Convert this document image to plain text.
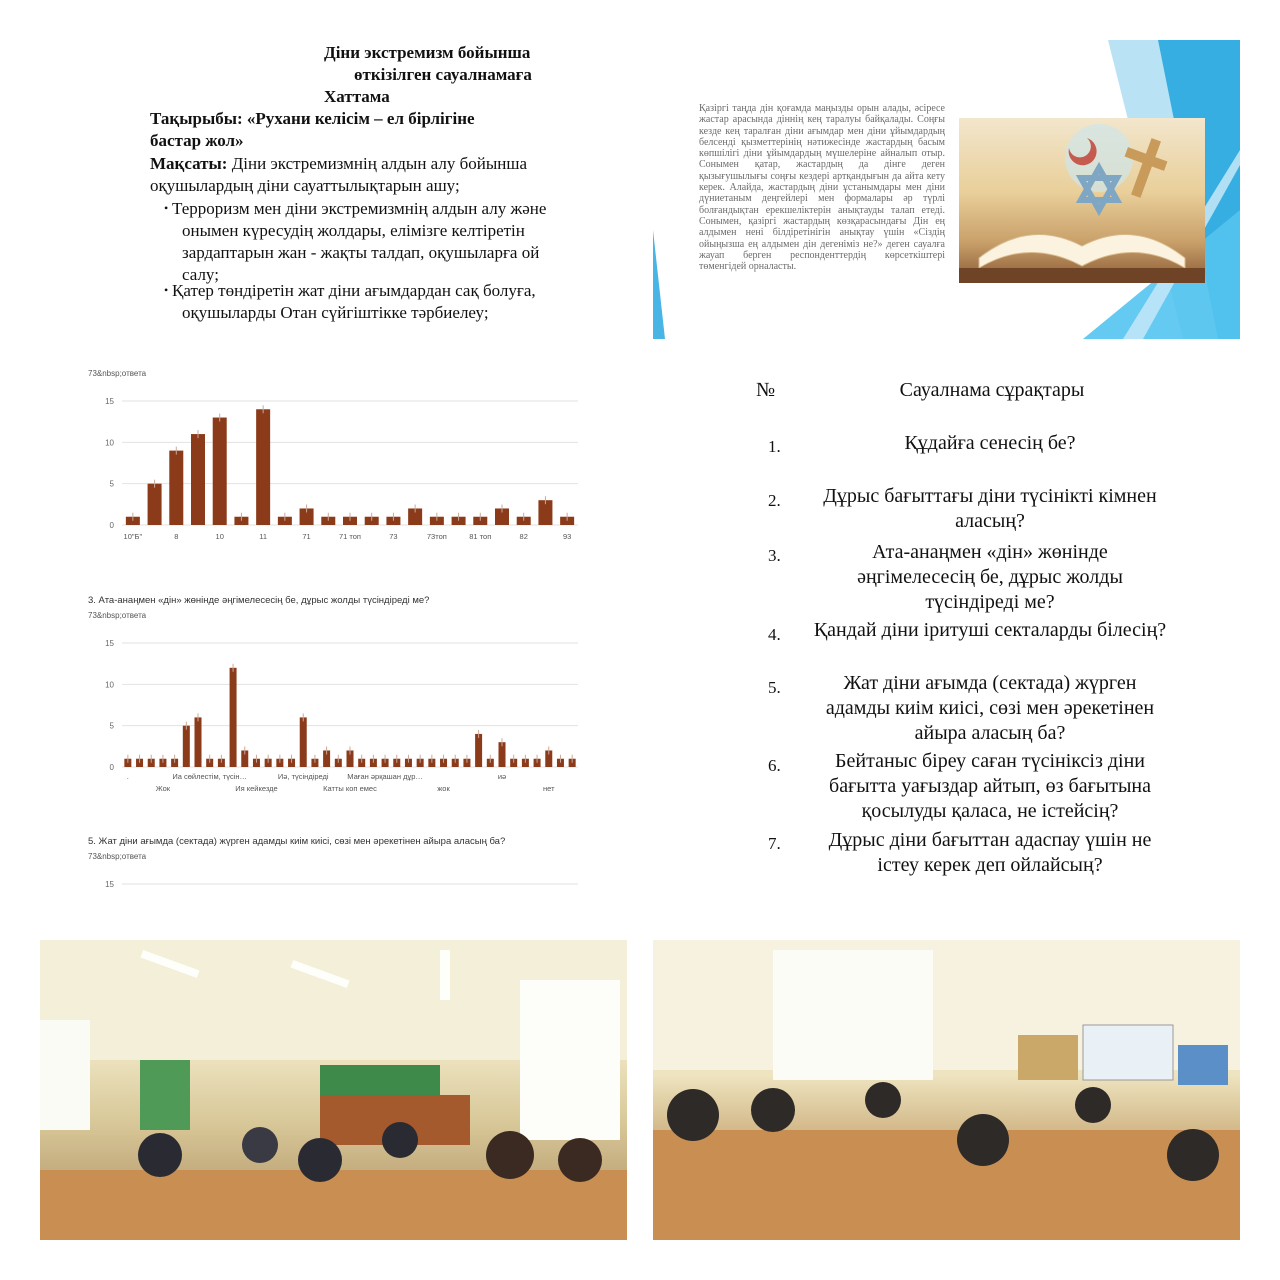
Діни экстремизм бойынша
өткізілген сауалнамаға
Хаттама
Тақырыбы: «Рухани келісім – ел бірлігіне
бастар жол»
Мақсаты: Діни экстремизмнің алдын алу бойынша
оқушылардың діни сауаттылықтарын ашу;
• Терроризм мен діни экстремизмнің алдын алу және
онымен күресудің жолдары, елімізге келтіретін
зардаптарын жан - жақты талдап, оқушыларға ой
салу;
• Қатер төндіретін жат діни ағымдардан сақ болуға,
оқушыларды Отан сүйгіштікке тәрбиелеу;
Қазіргі таңда дін қоғамда маңызды орын алады, әсіресе жастар арасында діннің кең таралуы байқалады. Соңғы кезде кең таралған діни ағымдар мен діни ұйымдардың белсенді қызметтерінің нәтижесінде жастардың басым көпшілігі діни ұйымдардың мүшелеріне айналып отыр. Сонымен қатар, жастардың да дінге деген қызығушылығы соңғы кездері артқандығын да айта кету керек. Алайда, жастардың діни ұстанымдары мен діни дүниетаным деңгейлері мен формалары әр түрлі болғандықтан ерекшеліктерін анықтауды талап етеді. Сонымен, қазіргі жастардың көзқарасындағы Дін ең алдымен нені білдіретінігін анықтау үшін «Сіздің ойыңызша ең алдымен дін дегеніміз не?» деген сауалға жауап берген респонденттердің көрсеткіштері төменгідей орналасты.
73&nbsp;ответа
0
5
10
15
10"Б"	8	10	11	71	71 топ	73	73топ	81 топ	82	93
3. Ата-анаңмен «дін» жөнінде әңгімелесесің бе, дұрыс жолды түсіндіреді ме?
73&nbsp;ответа
0
5
10
15
.	Иа сөйлестім, түсін…	Иә, түсіндіреді Маған әрқашан дұр…	иә
Жок	Ия кейкезде	Катты коп емес	жок	нет
5. Жат діни ағымда (сектада) жүрген адамды киім киісі, сөзі мен әрекетінен айыра аласың ба?
73&nbsp;ответа
15
№	Сауалнама сұрақтары
1.	Құдайға сенесің бе?
2.	Дұрыс бағыттағы діни түсінікті кімнен
аласың?
3.	Ата-анаңмен «дін» жөнінде
әңгімелесесің бе, дұрыс жолды
түсіндіреді ме?
4.	Қандай діни іритуші секталарды білесің?
5.	Жат діни ағымда (сектада) жүрген
адамды киім киісі, сөзі мен әрекетінен
айыра аласың ба?
6.	Бейтаныс біреу саған түсініксіз діни
бағытта уағыздар айтып, өз бағытына
қосылуды қаласа, не істейсің?
7.	Дұрыс діни бағыттан адаспау үшін не
істеу керек деп ойлайсың?
